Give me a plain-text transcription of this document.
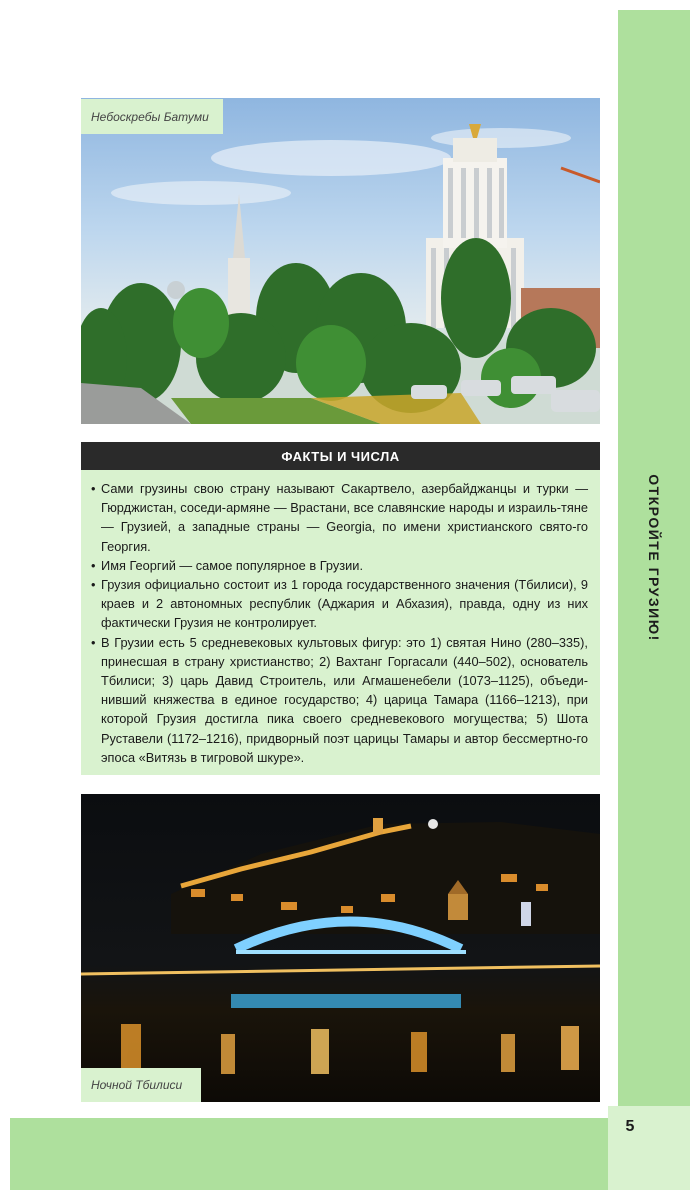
ОТКРОЙТЕ ГРУЗИЮ!
5
Небоскребы Батуми
ФАКТЫ И ЧИСЛА
• Сами грузины свою страну называют Сакартвело, азербайджанцы и турки — Гюрджистан, соседи-армяне — Врастани, все славянские народы и израиль-тяне — Грузией, а западные страны — Georgia, по имени христианского свято-го Георгия.
• Имя Георгий — самое популярное в Грузии.
• Грузия официально состоит из 1 города государственного значения (Тбилиси), 9 краев и 2 автономных республик (Аджария и Абхазия), правда, одну из них фактически Грузия не контролирует.
• В Грузии есть 5 средневековых культовых фигур: это 1) святая Нино (280–335), принесшая в страну христианство; 2) Вахтанг Горгасали (440–502), основатель Тбилиси; 3) царь Давид Строитель, или Агмашенебели (1073–1125), объеди-нивший княжества в единое государство; 4) царица Тамара (1166–1213), при которой Грузия достигла пика своего средневекового могущества; 5) Шота Руставели (1172–1216), придворный поэт царицы Тамары и автор бессмертно-го эпоса «Витязь в тигровой шкуре».
Ночной Тбилиси
